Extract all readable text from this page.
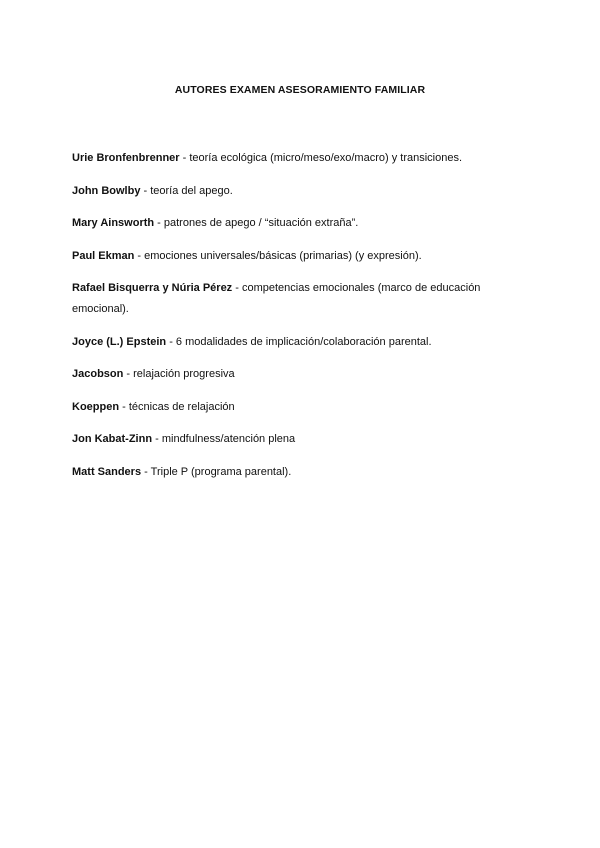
AUTORES EXAMEN ASESORAMIENTO FAMILIAR

Urie Bronfenbrenner - teoría ecológica (micro/meso/exo/macro) y transiciones.

John Bowlby - teoría del apego.

Mary Ainsworth - patrones de apego / “situación extraña”.

Paul Ekman - emociones universales/básicas (primarias) (y expresión).

Rafael Bisquerra y Núria Pérez - competencias emocionales (marco de educación emocional).

Joyce (L.) Epstein - 6 modalidades de implicación/colaboración parental.

Jacobson - relajación progresiva

Koeppen - técnicas de relajación

Jon Kabat-Zinn - mindfulness/atención plena

Matt Sanders - Triple P (programa parental).
